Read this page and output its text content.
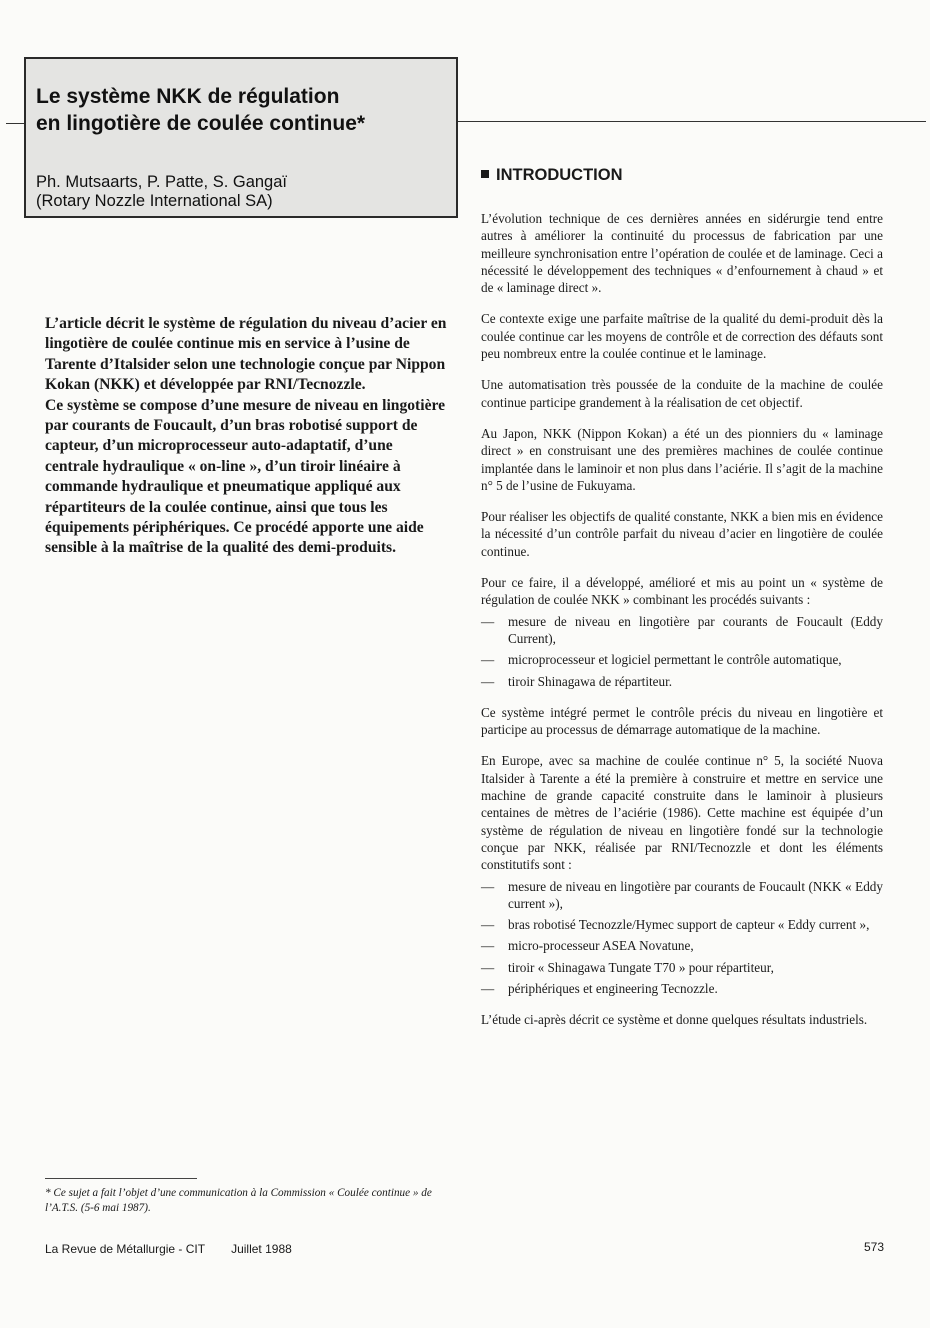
Le système NKK de régulation
en lingotière de coulée continue*
Ph. Mutsaarts, P. Patte, S. Gangaï
(Rotary Nozzle International SA)

L’article décrit le système de régulation du niveau d’acier en lingotière de coulée continue mis en service à l’usine de Tarente d’Italsider selon une technologie conçue par Nippon Kokan (NKK) et développée par RNI/Tecnozzle.

Ce système se compose d’une mesure de niveau en lingotière par courants de Foucault, d’un bras robotisé support de capteur, d’un microprocesseur auto-adaptatif, d’une centrale hydraulique « on-line », d’un tiroir linéaire à commande hydraulique et pneumatique appliqué aux répartiteurs de la coulée continue, ainsi que tous les équipements périphériques. Ce procédé apporte une aide sensible à la maîtrise de la qualité des demi-produits.

* Ce sujet a fait l’objet d’une communication à la Commission « Coulée continue » de l’A.T.S. (5-6 mai 1987).
La Revue de Métallurgie - CIT Juillet 1988	573
INTRODUCTION

L’évolution technique de ces dernières années en sidérurgie tend entre autres à améliorer la continuité du processus de fabrication par une meilleure synchronisation entre l’opération de coulée et de laminage. Ceci a nécessité le développement des techniques « d’enfournement à chaud » et de « laminage direct ».

Ce contexte exige une parfaite maîtrise de la qualité du demi-produit dès la coulée continue car les moyens de contrôle et de correction des défauts sont peu nombreux entre la coulée continue et le laminage.

Une automatisation très poussée de la conduite de la machine de coulée continue participe grandement à la réalisation de cet objectif.

Au Japon, NKK (Nippon Kokan) a été un des pionniers du « laminage direct » en construisant une des premières machines de coulée continue implantée dans le laminoir et non plus dans l’aciérie. Il s’agit de la machine n° 5 de l’usine de Fukuyama.

Pour réaliser les objectifs de qualité constante, NKK a bien mis en évidence la nécessité d’un contrôle parfait du niveau d’acier en lingotière de coulée continue.

Pour ce faire, il a développé, amélioré et mis au point un « système de régulation de coulée NKK » combinant les procédés suivants :

— mesure de niveau en lingotière par courants de Foucault (Eddy Current),
— microprocesseur et logiciel permettant le contrôle automatique,
— tiroir Shinagawa de répartiteur.

Ce système intégré permet le contrôle précis du niveau en lingotière et participe au processus de démarrage automatique de la machine.

En Europe, avec sa machine de coulée continue n° 5, la société Nuova Italsider à Tarente a été la première à construire et mettre en service une machine de grande capacité construite dans le laminoir à plusieurs centaines de mètres de l’aciérie (1986). Cette machine est équipée d’un système de régulation de niveau en lingotière fondé sur la technologie conçue par NKK, réalisée par RNI/Tecnozzle et dont les éléments constitutifs sont :

— mesure de niveau en lingotière par courants de Foucault (NKK « Eddy current »),
— bras robotisé Tecnozzle/Hymec support de capteur « Eddy current »,
— micro-processeur ASEA Novatune,
— tiroir « Shinagawa Tungate T70 » pour répartiteur,
— périphériques et engineering Tecnozzle.

L’étude ci-après décrit ce système et donne quelques résultats industriels.
